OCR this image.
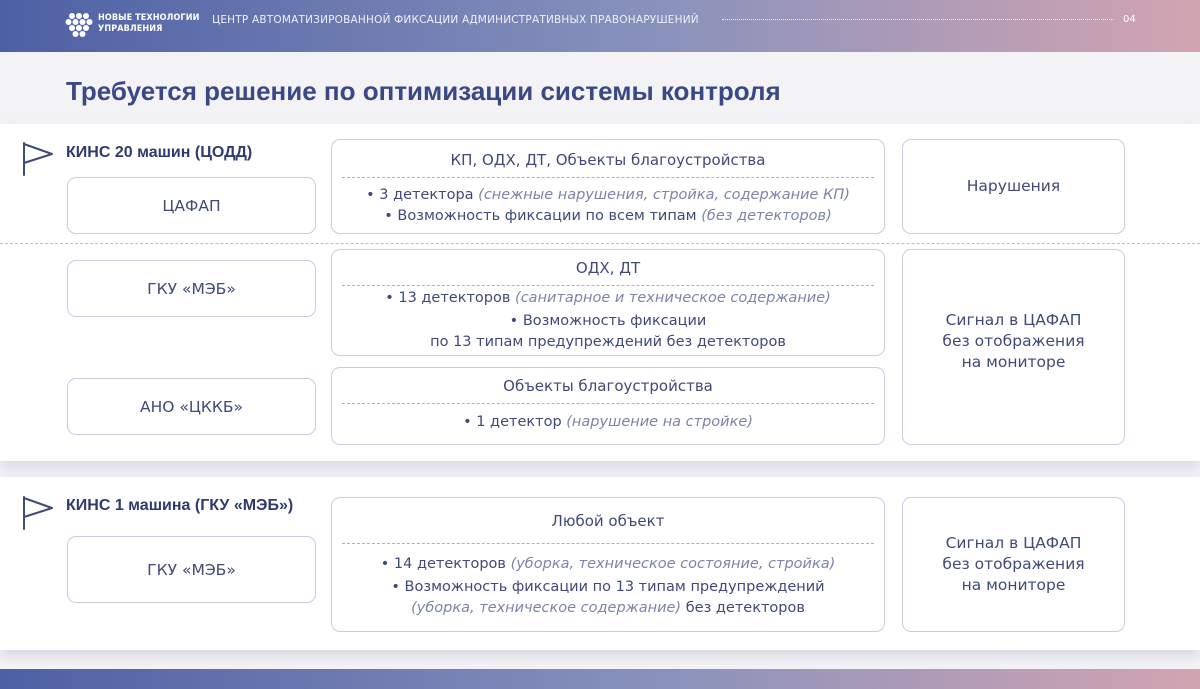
НОВЫЕ ТЕХНОЛОГИИ
УПРАВЛЕНИЯ
ЦЕНТР АВТОМАТИЗИРОВАННОЙ ФИКСАЦИИ АДМИНИСТРАТИВНЫХ ПРАВОНАРУШЕНИЙ	04
Требуется решение по оптимизации системы контроля
КИНС 20 машин (ЦОДД)
ЦАФАП
КП, ОДХ, ДТ, Объекты благоустройства
• 3 детектора (снежные нарушения, стройка, содержание КП)
• Возможность фиксации по всем типам (без детекторов)
Нарушения
ГКУ «МЭБ»
ОДХ, ДТ
• 13 детекторов (санитарное и техническое содержание)
• Возможность фиксации
по 13 типам предупреждений без детекторов
АНО «ЦККБ»
Объекты благоустройства
• 1 детектор (нарушение на стройке)
Сигнал в ЦАФАП
без отображения
на мониторе
КИНС 1 машина (ГКУ «МЭБ»)
ГКУ «МЭБ»
Любой объект
• 14 детекторов (уборка, техническое состояние, стройка)
• Возможность фиксации по 13 типам предупреждений
(уборка, техническое содержание) без детекторов
Сигнал в ЦАФАП
без отображения
на мониторе
